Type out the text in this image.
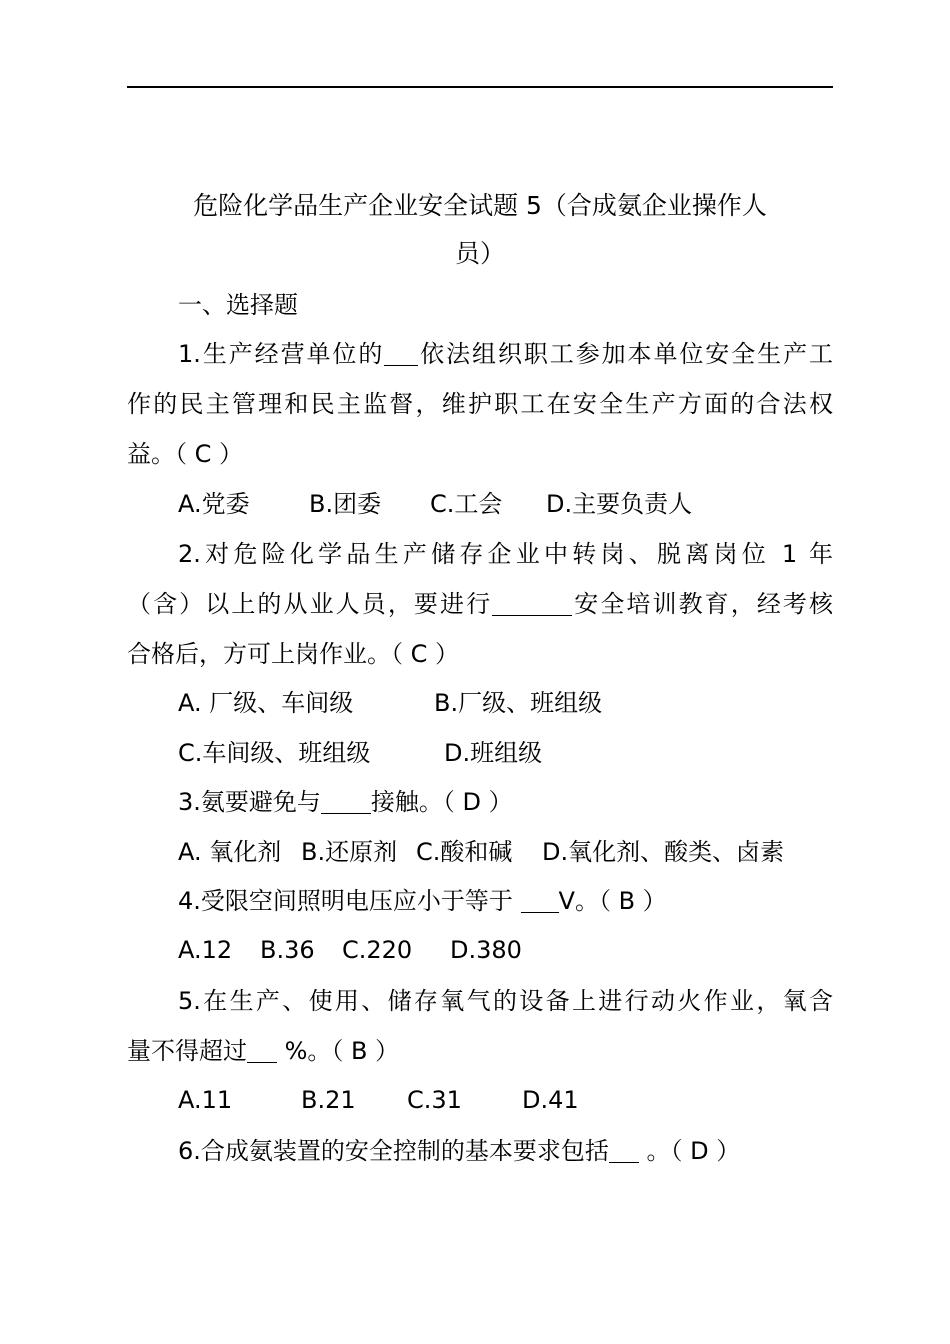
危险化学品生产企业安全试题 5（合成氨企业操作人
员）
一、选择题
1.生产经营单位的 依法组织职工参加本单位安全生产工
作的民主管理和民主监督，维护职工在安全生产方面的合法权
益。（ C ）
A.党委 B.团委 C.工会 D.主要负责人
2.对危险化学品生产储存企业中转岗、脱离岗位 1 年
（含）以上的从业人员，要进行	安全培训教育，经考核
合格后，方可上岗作业。（ C ）
A. 厂级、车间级	B.厂级、班组级
C.车间级、班组级	D.班组级
3.氨要避免与 接触。（ D ）
A. 氧化剂 B.还原剂 C.酸和碱 D.氧化剂、酸类、卤素
4.受限空间照明电压应小于等于 V。（ B ）
A.12 B.36 C.220 D.380
5.在生产、使用、储存氧气的设备上进行动火作业，氧含
量不得超过 %。（ B ）
A.11	B.21 C.31	D.41
6.合成氨装置的安全控制的基本要求包括 。（ D ）
